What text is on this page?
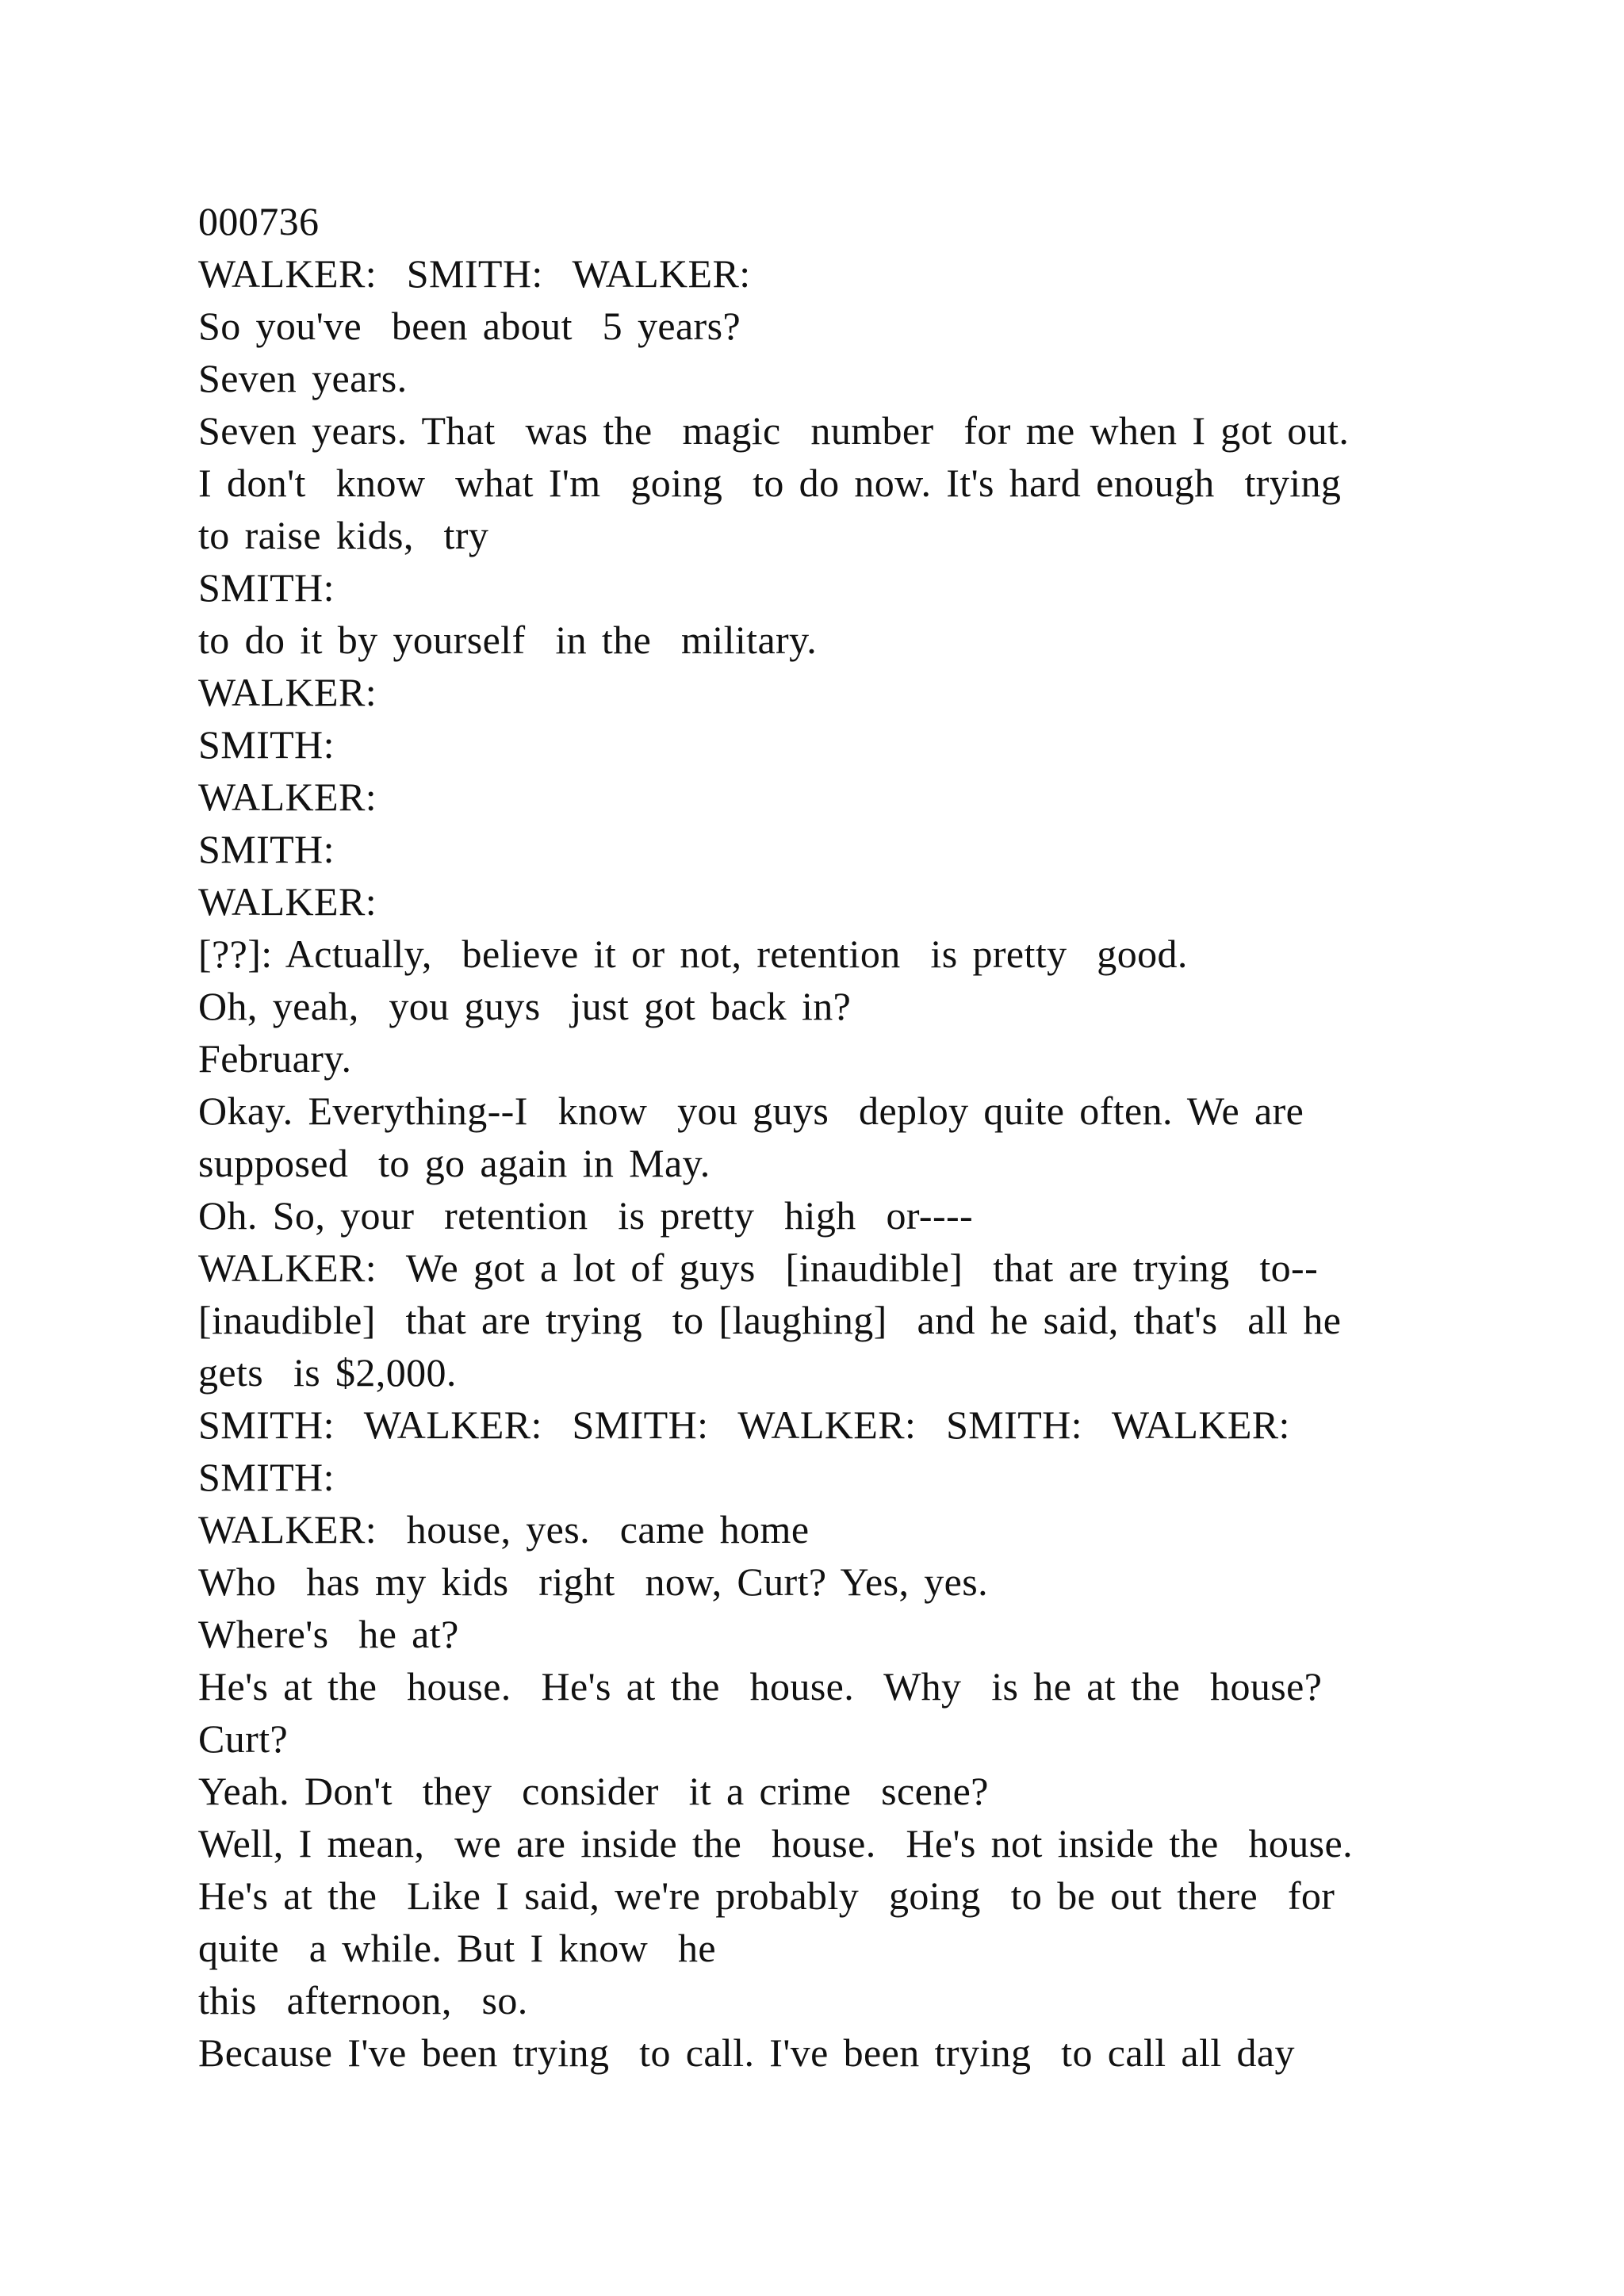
000736
WALKER:  SMITH:  WALKER:
So you've  been about  5 years?
Seven years.
Seven years. That  was the  magic  number  for me when I got out.
I don't  know  what I'm  going  to do now. It's hard enough  trying
to raise kids,  try
SMITH:
to do it by yourself  in the  military.
WALKER:
SMITH:
WALKER:
SMITH:
WALKER:
[??]: Actually,  believe it or not, retention  is pretty  good.
Oh, yeah,  you guys  just got back in?
February.
Okay. Everything--I  know  you guys  deploy quite often. We are
supposed  to go again in May.
Oh. So, your  retention  is pretty  high  or----
WALKER:  We got a lot of guys  [inaudible]  that are trying  to--
[inaudible]  that are trying  to [laughing]  and he said, that's  all he
gets  is $2,000.
SMITH:  WALKER:  SMITH:  WALKER:  SMITH:  WALKER:
SMITH:
WALKER:  house, yes.  came home
Who  has my kids  right  now, Curt? Yes, yes.
Where's  he at?
He's at the  house.  He's at the  house.  Why  is he at the  house?
Curt?
Yeah. Don't  they  consider  it a crime  scene?
Well, I mean,  we are inside the  house.  He's not inside the  house.
He's at the  Like I said, we're probably  going  to be out there  for
quite  a while. But I know  he
this  afternoon,  so.
Because I've been trying  to call. I've been trying  to call all day
